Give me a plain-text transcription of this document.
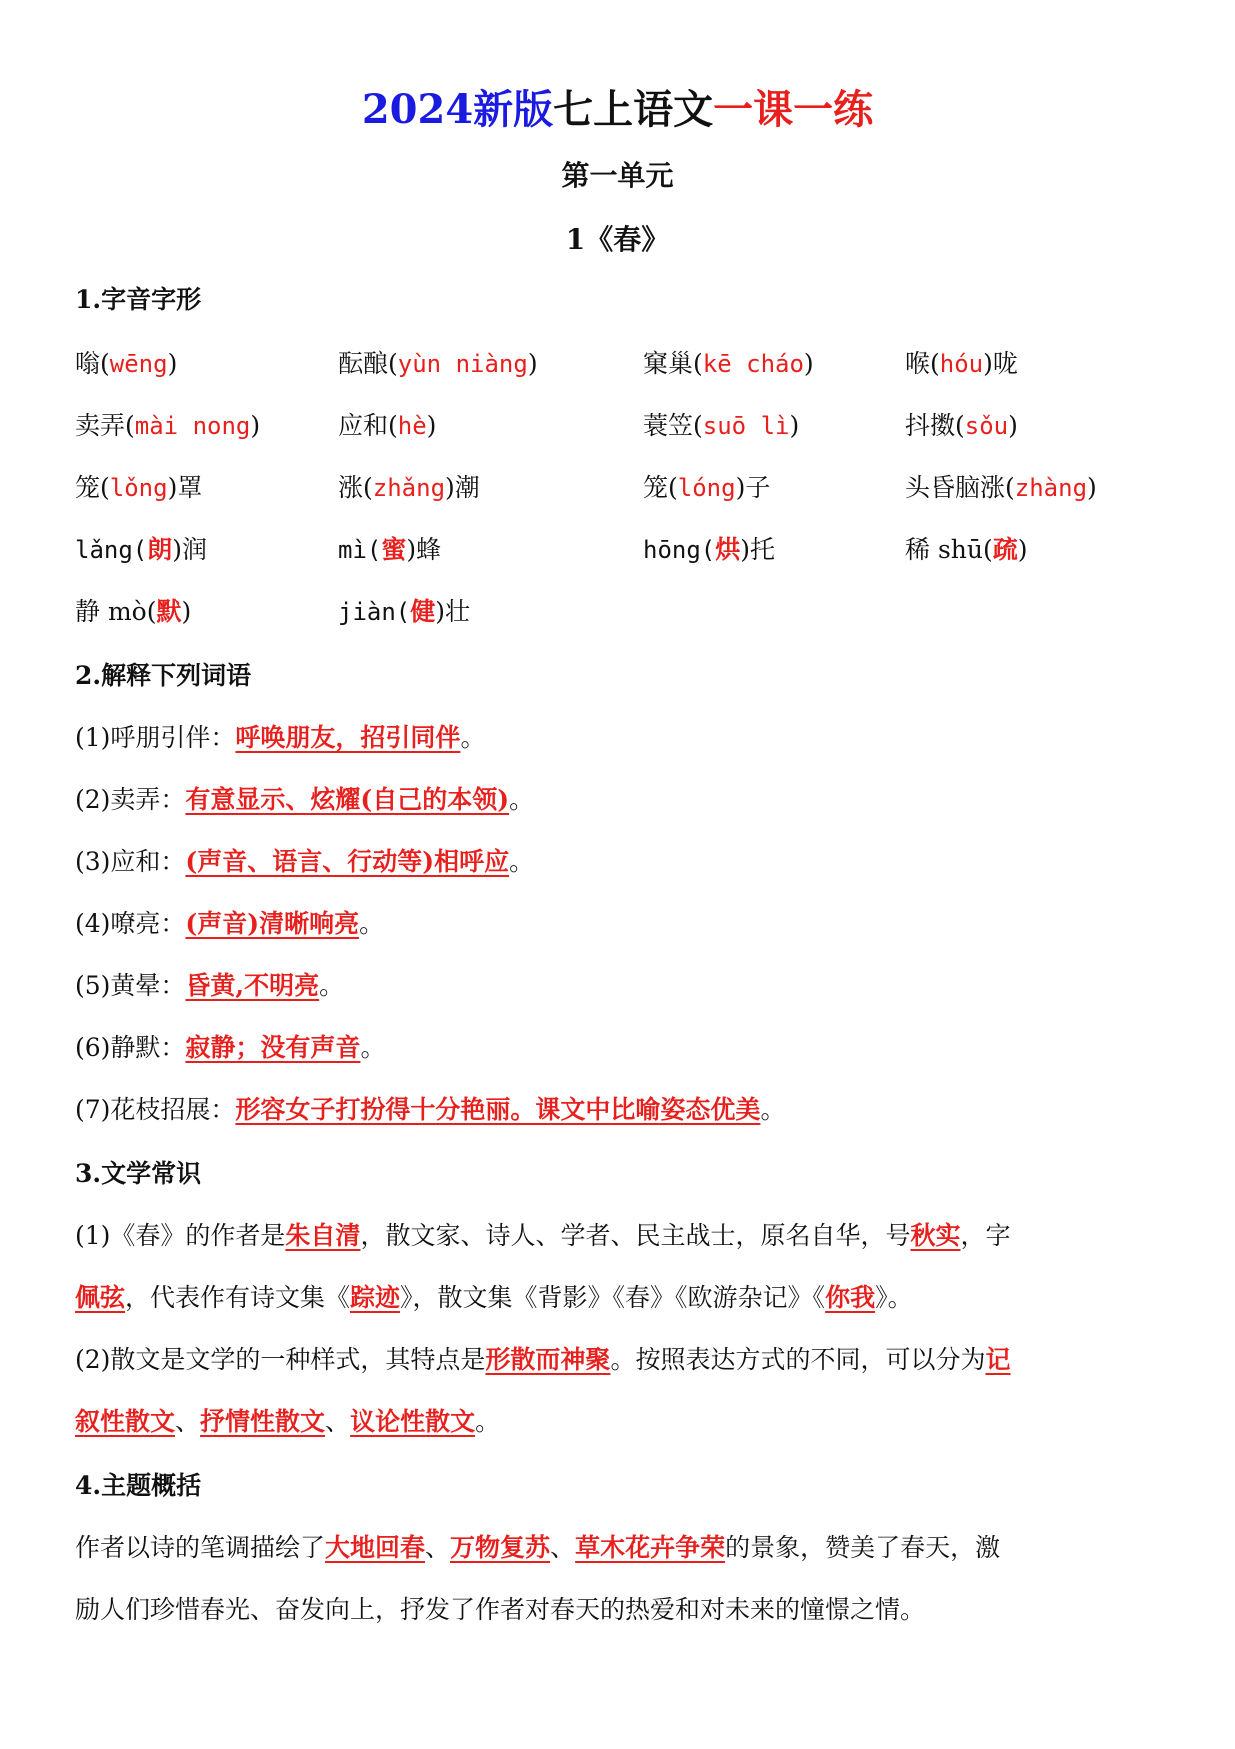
2024新版七上语文一课一练
第一单元
1《春》
1.字音字形
嗡(wēng)	酝酿(yùn niàng)	窠巢(kē cháo)	喉(hóu)咙
卖弄(mài nong)	应和(hè)	蓑笠(suō lì)	抖擞(sǒu)
笼(lǒng)罩	涨(zhǎng)潮	笼(lóng)子	头昏脑涨(zhàng)
lǎng(朗)润	mì(蜜)蜂	hōng(烘)托	稀 shū(疏)
静 mò(默)	jiàn(健)壮
2.解释下列词语
(1)呼朋引伴：呼唤朋友，招引同伴。
(2)卖弄：有意显示、炫耀(自己的本领)。
(3)应和：(声音、语言、行动等)相呼应。
(4)嘹亮：(声音)清晰响亮。
(5)黄晕：昏黄,不明亮。
(6)静默：寂静；没有声音。
(7)花枝招展：形容女子打扮得十分艳丽。课文中比喻姿态优美。
3.文学常识
(1)《春》的作者是朱自清，散文家、诗人、学者、民主战士，原名自华，号秋实，字
佩弦，代表作有诗文集《踪迹》，散文集《背影》《春》《欧游杂记》《你我》。
(2)散文是文学的一种样式，其特点是形散而神聚。按照表达方式的不同，可以分为记
叙性散文、抒情性散文、议论性散文。
4.主题概括
作者以诗的笔调描绘了大地回春、万物复苏、草木花卉争荣的景象，赞美了春天，激
励人们珍惜春光、奋发向上，抒发了作者对春天的热爱和对未来的憧憬之情。
